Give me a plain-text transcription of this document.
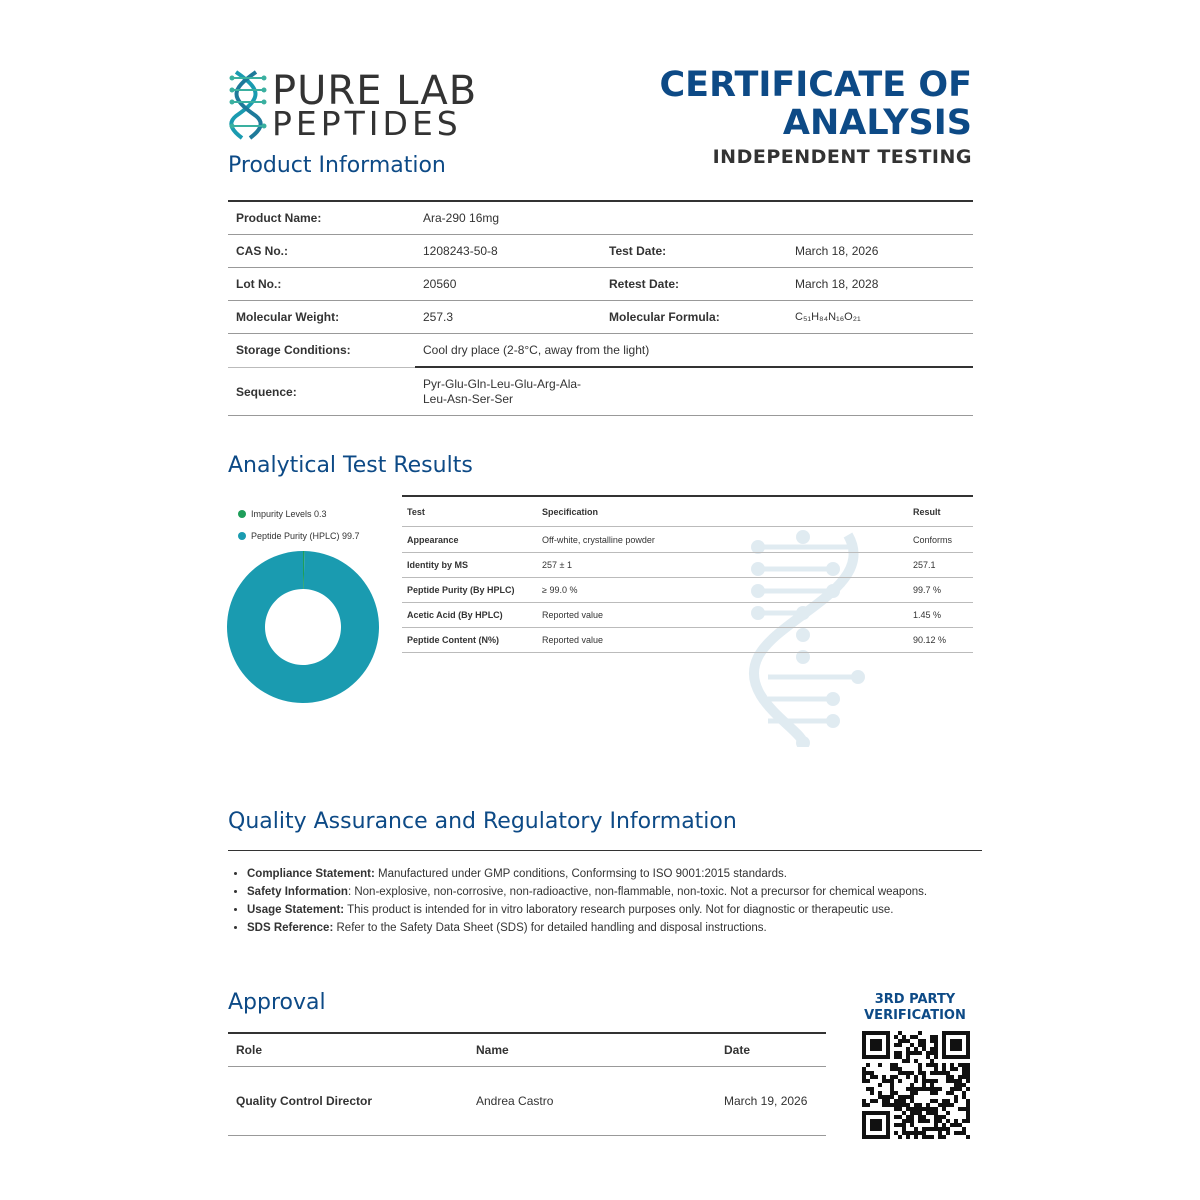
PURE LAB
PEPTIDES
CERTIFICATE OF
ANALYSIS
INDEPENDENT TESTING
Product Information
Product Name:	Ara-290 16mg
CAS No.:	1208243-50-8	Test Date:	March 18, 2026
Lot No.:	20560	Retest Date:	March 18, 2028
Molecular Weight:	257.3	Molecular Formula:	C₅₁H₈₄N₁₆O₂₁
Storage Conditions:	Cool dry place (2-8°C, away from the light)
Sequence:
Pyr-Glu-Gln-Leu-Glu-Arg-Ala-
Leu-Asn-Ser-Ser
Analytical Test Results
Impurity Levels 0.3
Peptide Purity (HPLC) 99.7
Test	Specification	Result
Appearance	Off-white, crystalline powder	Conforms
Identity by MS	257 ± 1	257.1
Peptide Purity (By HPLC)	≥ 99.0 %	99.7 %
Acetic Acid (By HPLC)	Reported value	1.45 %
Peptide Content (N%)	Reported value	90.12 %
Quality Assurance and Regulatory Information
• Compliance Statement: Manufactured under GMP conditions, Conformsing to ISO 9001:2015 standards.
• Safety Information: Non-explosive, non-corrosive, non-radioactive, non-flammable, non-toxic. Not a precursor for chemical weapons.
• Usage Statement: This product is intended for in vitro laboratory research purposes only. Not for diagnostic or therapeutic use.
• SDS Reference: Refer to the Safety Data Sheet (SDS) for detailed handling and disposal instructions.
Approval
Role	Name	Date
Quality Control Director	Andrea Castro	March 19, 2026
3RD PARTY
VERIFICATION
